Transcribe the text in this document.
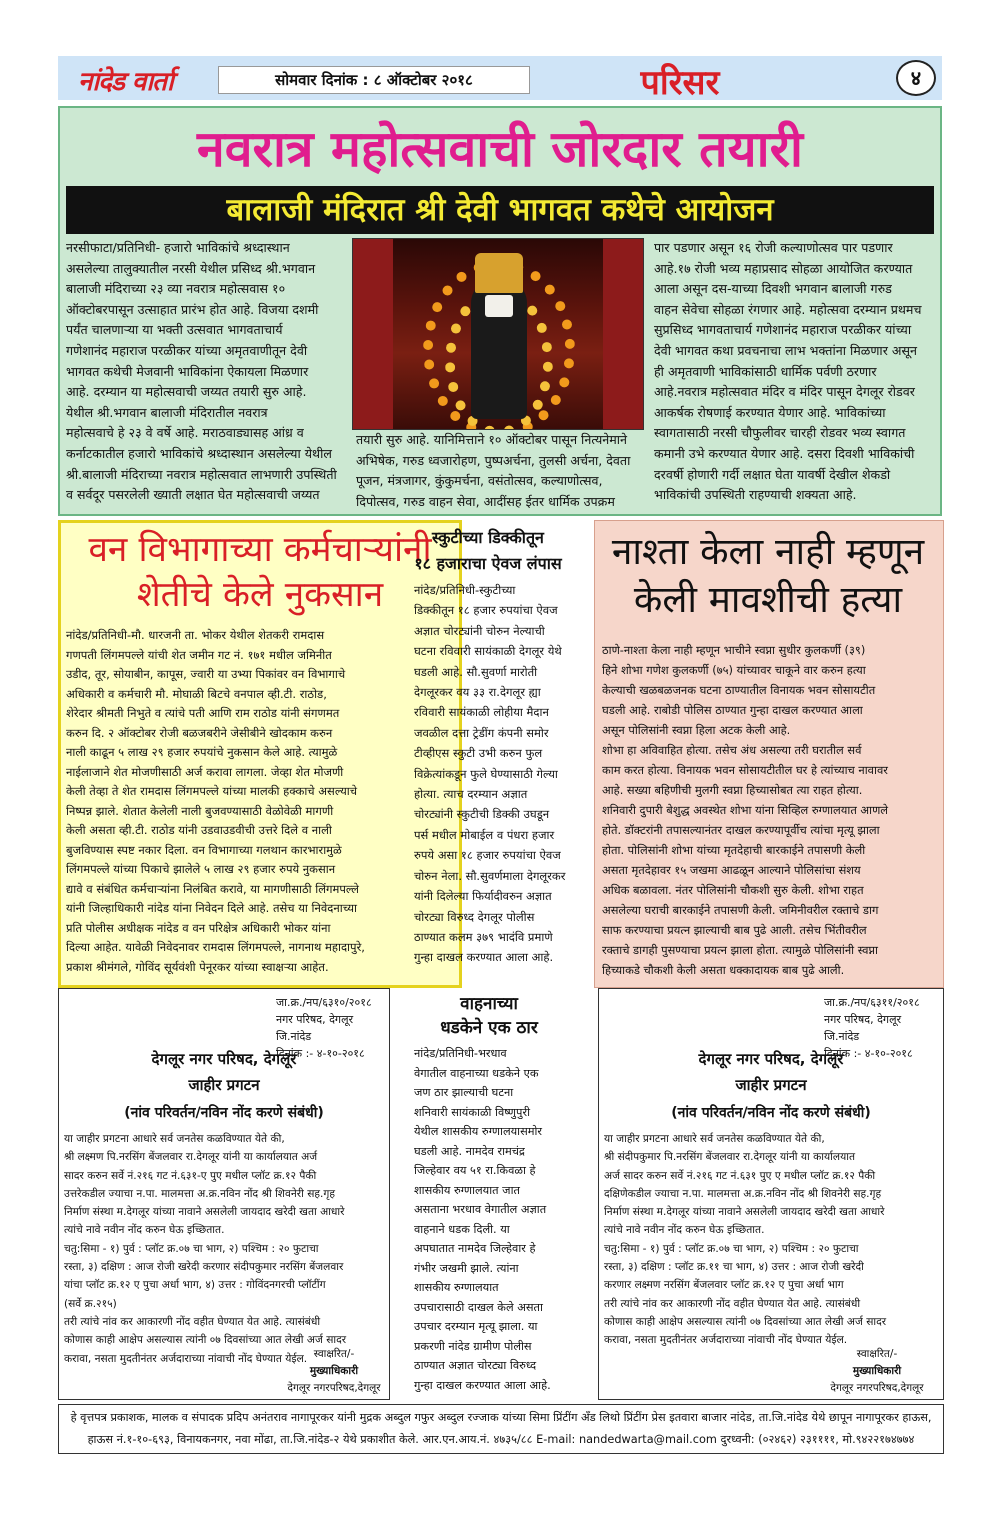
नांदेड वार्ता	सोमवार दिनांक : ८ ऑक्टोबर २०१८	परिसर	४
नवरात्र महोत्सवाची जोरदार तयारी
बालाजी मंदिरात श्री देवी भागवत कथेचे आयोजन
नरसीफाटा/प्रतिनिधी- हजारो भाविकांचे श्रध्दास्थान
असलेल्या तालुक्यातील नरसी येथील प्रसिध्द श्री.भगवान
बालाजी मंदिराच्या २३ व्या नवरात्र महोत्सवास १०
ऑक्टोबरपासून उत्साहात प्रारंभ होत आहे. विजया दशमी
पर्यंत चालणाऱ्या या भक्ती उत्सवात भागवताचार्य
गणेशानंद महाराज परळीकर यांच्या अमृतवाणीतून देवी
भागवत कथेची मेजवानी भाविकांना ऐकायला मिळणार
आहे. दरम्यान या महोत्सवाची जय्यत तयारी सुरु आहे.
येथील श्री.भगवान बालाजी मंदिरातील नवरात्र
महोत्सवाचे हे २३ वे वर्षे आहे. मराठवाड्यासह आंध्र व
कर्नाटकातील हजारो भाविकांचे श्रध्दास्थान असलेल्या येथील
श्री.बालाजी मंदिराच्या नवरात्र महोत्सवात लाभणारी उपस्थिती
व सर्वदूर पसरलेली ख्याती लक्षात घेत महोत्सवाची जय्यत
तयारी सुरु आहे. यानिमित्ताने १० ऑक्टोबर पासून नित्यनेमाने
अभिषेक, गरुड ध्वजारोहण, पुष्पअर्चना, तुलसी अर्चना, देवता
पूजन, मंत्रजागर, कुंकुमर्चना, वसंतोत्सव, कल्याणोत्सव,
दिपोत्सव, गरुड वाहन सेवा, आदींसह ईतर धार्मिक उपक्रम
पार पडणार असून १६ रोजी कल्याणोत्सव पार पडणार
आहे.१७ रोजी भव्य महाप्रसाद सोहळा आयोजित करण्यात
आला असून दस-याच्या दिवशी भगवान बालाजी गरुड
वाहन सेवेचा सोहळा रंगणार आहे. महोत्सवा दरम्यान प्रथमच
सुप्रसिध्द भागवताचार्य गणेशानंद महाराज परळीकर यांच्या
देवी भागवत कथा प्रवचनाचा लाभ भक्तांना मिळणार असून
ही अमृतवाणी भाविकांसाठी धार्मिक पर्वणी ठरणार
आहे.नवरात्र महोत्सवात मंदिर व मंदिर पासून देगलूर रोडवर
आकर्षक रोषणाई करण्यात येणार आहे. भाविकांच्या
स्वागतासाठी नरसी चौफुलीवर चारही रोडवर भव्य स्वागत
कमानी उभे करण्यात येणार आहे. दसरा दिवशी भाविकांची
दरवर्षी होणारी गर्दी लक्षात घेता यावर्षी देखील शेकडो
भाविकांची उपस्थिती राहण्याची शक्यता आहे.
वन विभागाच्या कर्मचाऱ्यांनी
शेतीचे केले नुकसान
नांदेड/प्रतिनिधी-मौ. धारजनी ता. भोकर येथील शेतकरी रामदास
गणपती लिंगमपल्ले यांची शेत जमीन गट नं. १७१ मधील जमिनीत
उडीद, तूर, सोयाबीन, कापूस, ज्वारी या उभ्या पिकांवर वन विभागाचे
अधिकारी व कर्मचारी मौ. मोघाळी बिटचे वनपाल व्ही.टी. राठोड,
शेरेदार श्रीमती निभुते व त्यांचे पती आणि राम राठोड यांनी संगणमत
करुन दि. २ ऑक्टोबर रोजी बळजबरीने जेसीबीने खोदकाम करुन
नाली काढून ५ लाख २९ हजार रुपयांचे नुकसान केले आहे. त्यामुळे
नाईलाजाने शेत मोजणीसाठी अर्ज करावा लागला. जेव्हा शेत मोजणी
केली तेव्हा ते शेत रामदास लिंगमपल्ले यांच्या मालकी हक्काचे असल्याचे
निष्पन्न झाले. शेतात केलेली नाली बुजवण्यासाठी वेळोवेळी मागणी
केली असता व्ही.टी. राठोड यांनी उडवाउडवीची उत्तरे दिले व नाली
बुजविण्यास स्पष्ट नकार दिला. वन विभागाच्या गलथान कारभारामुळे
लिंगमपल्ले यांच्या पिकाचे झालेले ५ लाख २९ हजार रुपये नुकसान
द्यावे व संबंधित कर्मचाऱ्यांना निलंबित करावे, या मागणीसाठी लिंगमपल्ले
यांनी जिल्हाधिकारी नांदेड यांना निवेदन दिले आहे. तसेच या निवेदनाच्या
प्रति पोलीस अधीक्षक नांदेड व वन परिक्षेत्र अधिकारी भोकर यांना
दिल्या आहेत. यावेळी निवेदनावर रामदास लिंगमपल्ले, नागनाथ महादापुरे,
प्रकाश श्रीमंगले, गोविंद सूर्यवंशी पेनूरकर यांच्या स्वाक्षऱ्या आहेत.
स्कुटीच्या डिक्कीतून
१८ हजाराचा ऐवज लंपास
नांदेड/प्रतिनिधी-स्कुटीच्या
डिक्कीतून १८ हजार रुपयांचा ऐवज
अज्ञात चोरट्यांनी चोरुन नेल्याची
घटना रविवारी सायंकाळी देगलूर येथे
घडली आहे. सौ.सुवर्णा मारोती
देगलूरकर वय ३३ रा.देगलूर ह्या
रविवारी सायंकाळी लोहीया मैदान
जवळील दत्ता ट्रेडींग कंपनी समोर
टीव्हीएस स्कुटी उभी करुन फुल
विक्रेत्यांकडून फुले घेण्यासाठी गेल्या
होत्या. त्याच दरम्यान अज्ञात
चोरट्यांनी स्कुटीची डिक्की उघडून
पर्स मधील मोबाईल व पंधरा हजार
रुपये असा १८ हजार रुपयांचा ऐवज
चोरुन नेला. सौ.सुवर्णमाला देगलूरकर
यांनी दिलेल्या फिर्यादीवरुन अज्ञात
चोरट्या विरुध्द देगलूर पोलीस
ठाण्यात कलम ३७९ भादंवि प्रमाणे
गुन्हा दाखल करण्यात आला आहे.
नाश्ता केला नाही म्हणून
केली मावशीची हत्या
ठाणे-नाश्ता केला नाही म्हणून भाचीने स्वप्ना सुधीर कुलकर्णी (३९)
हिने शोभा गणेश कुलकर्णी (७५) यांच्यावर चाकूने वार करुन हत्या
केल्याची खळबळजनक घटना ठाण्यातील विनायक भवन सोसायटीत
घडली आहे. राबोडी पोलिस ठाण्यात गुन्हा दाखल करण्यात आला
असून पोलिसांनी स्वप्ना हिला अटक केली आहे.
शोभा हा अविवाहित होत्या. तसेच अंध असल्या तरी घरातील सर्व
काम करत होत्या. विनायक भवन सोसायटीतील घर हे त्यांच्याच नावावर
आहे. सख्या बहिणीची मुलगी स्वप्ना हिच्यासोबत त्या राहत होत्या.
शनिवारी दुपारी बेशुद्ध अवस्थेत शोभा यांना सिव्हिल रुग्णालयात आणले
होते. डॉक्टरांनी तपासल्यानंतर दाखल करण्यापूर्वीच त्यांचा मृत्यू झाला
होता. पोलिसांनी शोभा यांच्या मृतदेहाची बारकाईने तपासणी केली
असता मृतदेहावर १५ जखमा आढळून आल्याने पोलिसांचा संशय
अधिक बळावला. नंतर पोलिसांनी चौकशी सुरु केली. शोभा राहत
असलेल्या घराची बारकाईने तपासणी केली. जमिनीवरील रक्ताचे डाग
साफ करण्याचा प्रयत्न झाल्याची बाब पुढे आली. तसेच भिंतीवरील
रक्ताचे डागही पुसण्याचा प्रयत्न झाला होता. त्यामुळे पोलिसांनी स्वप्ना
हिच्याकडे चौकशी केली असता धक्कादायक बाब पुढे आली.
जा.क्र./नप/६३१०/२०१८
नगर परिषद, देगलूर जि.नांदेड
दिनांक :- ४-१०-२०१८
देगलूर नगर परिषद, देगलूर
जाहीर प्रगटन
(नांव परिवर्तन/नविन नोंद करणे संबंधी)
या जाहीर प्रगटना आधारे सर्व जनतेस कळविण्यात येते की,
श्री लक्ष्मण पि.नरसिंग बेंजलवार रा.देगलूर यांनी या कार्यालयात अर्ज
सादर करुन सर्वे नं.२१६ गट नं.६३१-ए पुए मधील प्लॉट क्र.१२ पैकी
उत्तरेकडील ज्याचा न.पा. मालमत्ता अ.क्र.नविन नोंद श्री शिवनेरी सह.गृह
निर्माण संस्था म.देगलूर यांच्या नावाने असलेली जायदाद खरेदी खता आधारे
त्यांचे नावे नवीन नोंद करुन घेऊ इच्छितात.
चतु:सिमा - १) पुर्व : प्लॉट क्र.०७ चा भाग, २) पश्चिम : २० फुटाचा
रस्ता, ३) दक्षिण : आज रोजी खरेदी करणार संदीपकुमार नरसिंग बेंजलवार
यांचा प्लॉट क्र.१२ ए पुचा अर्धा भाग, ४) उत्तर : गोविंदनगरची प्लॉटींग
(सर्वे क्र.२१५)
तरी त्यांचे नांव कर आकारणी नोंद वहीत घेण्यात येत आहे. त्यासंबंधी
कोणास काही आक्षेप असल्यास त्यांनी ०७ दिवसांच्या आत लेखी अर्ज सादर
करावा, नसता मुदतीनंतर अर्जदाराच्या नांवाची नोंद घेण्यात येईल. स्वाक्षरित/-
मुख्याधिकारी
देगलूर नगरपरिषद,देगलूर
वाहनाच्या
धडकेने एक ठार
नांदेड/प्रतिनिधी-भरधाव
वेगातील वाहनाच्या धडकेने एक
जण ठार झाल्याची घटना
शनिवारी सायंकाळी विष्णुपुरी
येथील शासकीय रुग्णालयासमोर
घडली आहे. नामदेव रामचंद्र
जिल्हेवार वय ५१ रा.किवळा हे
शासकीय रुग्णालयात जात
असताना भरधाव वेगातील अज्ञात
वाहनाने धडक दिली. या
अपघातात नामदेव जिल्हेवार हे
गंभीर जखमी झाले. त्यांना
शासकीय रुग्णालयात
उपचारासाठी दाखल केले असता
उपचार दरम्यान मृत्यू झाला. या
प्रकरणी नांदेड ग्रामीण पोलीस
ठाण्यात अज्ञात चोरट्या विरुध्द
गुन्हा दाखल करण्यात आला आहे.
जा.क्र./नप/६३११/२०१८
नगर परिषद, देगलूर जि.नांदेड
दिनांक :- ४-१०-२०१८
देगलूर नगर परिषद, देगलूर
जाहीर प्रगटन
(नांव परिवर्तन/नविन नोंद करणे संबंधी)
या जाहीर प्रगटना आधारे सर्व जनतेस कळविण्यात येते की,
श्री संदीपकुमार पि.नरसिंग बेंजलवार रा.देगलूर यांनी या कार्यालयात
अर्ज सादर करुन सर्वे नं.२१६ गट नं.६३१ पुए ए मधील प्लॉट क्र.१२ पैकी
दक्षिणेकडील ज्याचा न.पा. मालमत्ता अ.क्र.नविन नोंद श्री शिवनेरी सह.गृह
निर्माण संस्था म.देगलूर यांच्या नावाने असलेली जायदाद खरेदी खता आधारे
त्यांचे नावे नवीन नोंद करुन घेऊ इच्छितात.
चतु:सिमा - १) पुर्व : प्लॉट क्र.०७ चा भाग, २) पश्चिम : २० फुटाचा
रस्ता, ३) दक्षिण : प्लॉट क्र.११ चा भाग, ४) उत्तर : आज रोजी खरेदी
करणार लक्ष्मण नरसिंग बेंजलवार प्लॉट क्र.१२ ए पुचा अर्धा भाग
तरी त्यांचे नांव कर आकारणी नोंद वहीत घेण्यात येत आहे. त्यासंबंधी
कोणास काही आक्षेप असल्यास त्यांनी ०७ दिवसांच्या आत लेखी अर्ज सादर
करावा, नसता मुदतीनंतर अर्जदाराच्या नांवाची नोंद घेण्यात येईल.
स्वाक्षरित/-
मुख्याधिकारी
देगलूर नगरपरिषद,देगलूर
हे वृत्तपत्र प्रकाशक, मालक व संपादक प्रदिप अनंतराव नागापूरकर यांनी मुद्रक अब्दुल गफुर अब्दुल रज्जाक यांच्या सिमा प्रिंटींग अँड लिथो प्रिंटींग प्रेस इतवारा बाजार नांदेड, ता.जि.नांदेड येथे छापून नागापूरकर हाऊस,
हाऊस नं.१-१०-६९३, विनायकनगर, नवा मोंढा, ता.जि.नांदेड-२ येथे प्रकाशीत केले. आर.एन.आय.नं. ४७३५/८८ E-mail: nandedwarta@mail.com दुरध्वनी: (०२४६२) २३११११, मो.९४२२१७४७७४
